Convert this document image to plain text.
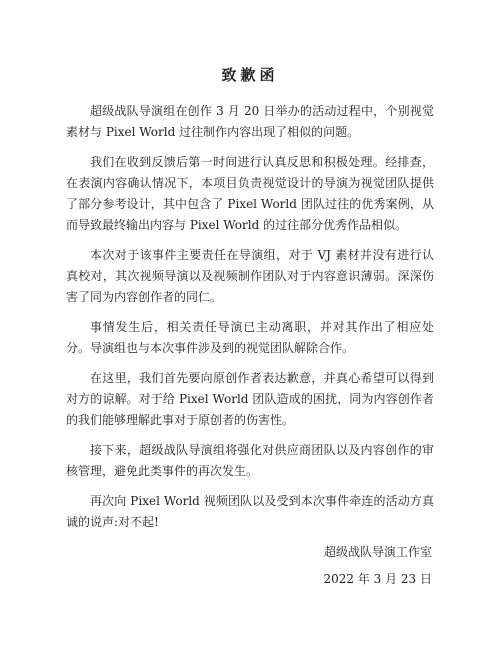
致歉函

超级战队导演组在创作 3 月 20 日举办的活动过程中，个别视觉素材与 Pixel World 过往制作内容出现了相似的问题。

我们在收到反馈后第一时间进行认真反思和积极处理。经排查，在表演内容确认情况下，本项目负责视觉设计的导演为视觉团队提供了部分参考设计，其中包含了 Pixel World 团队过往的优秀案例，从而导致最终输出内容与 Pixel World 的过往部分优秀作品相似。

本次对于该事件主要责任在导演组，对于 VJ 素材并没有进行认真校对，其次视频导演以及视频制作团队对于内容意识薄弱。深深伤害了同为内容创作者的同仁。

事情发生后，相关责任导演已主动离职，并对其作出了相应处分。导演组也与本次事件涉及到的视觉团队解除合作。

在这里，我们首先要向原创作者表达歉意，并真心希望可以得到对方的谅解。对于给 Pixel World 团队造成的困扰，同为内容创作者的我们能够理解此事对于原创者的伤害性。

接下来，超级战队导演组将强化对供应商团队以及内容创作的审核管理，避免此类事件的再次发生。

再次向 Pixel World 视频团队以及受到本次事件牵连的活动方真诚的说声:对不起!

超级战队导演工作室
2022 年 3 月 23 日
